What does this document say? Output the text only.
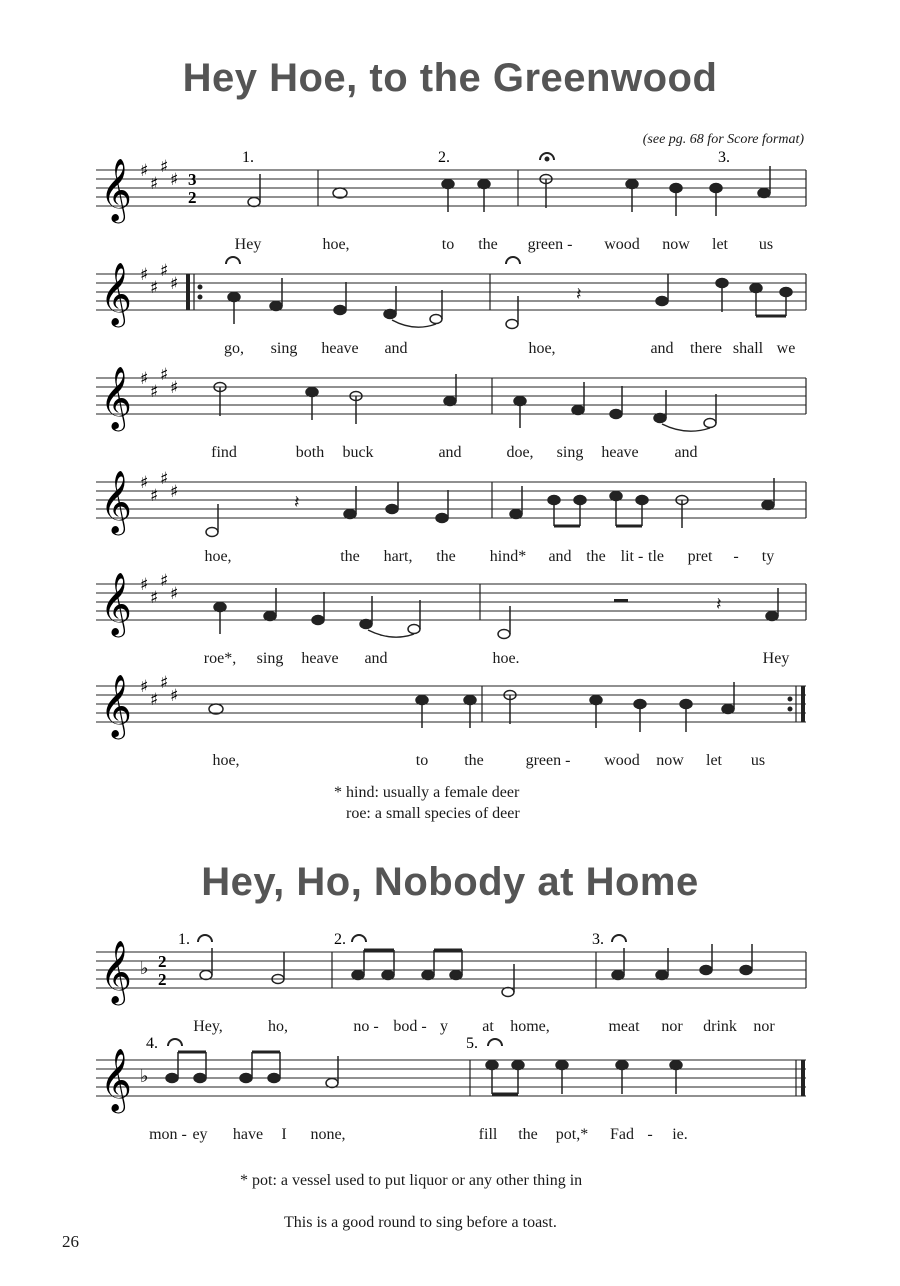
Hey Hoe, to the Greenwood
(see pg. 68 for Score format)
𝄞 ♯
♯
♯
♯ 3
2
1.	2.	3.
Hey	hoe,	to the green - wood now let us
𝄞 ♯
♯
♯
♯	𝄽
go, sing heave and	hoe,	and there shall we
𝄞 ♯
♯
♯
♯
find	both buck	and	doe, sing heave and
𝄞 ♯
♯
♯
♯	𝄽
hoe,	the hart, the hind* and the lit - tle pret - ty
𝄞 ♯
♯
♯
♯	𝄽
roe*, sing heave and	hoe.	Hey
𝄞 ♯
♯
♯
♯
hoe,	to the	green - wood now let us
* hind: usually a female deer
roe: a small species of deer
Hey, Ho, Nobody at Home
𝄞 ♭ 2
2
1.	2.	3.
Hey,	ho,	no - bod - y at home,	meat nor drink nor
𝄞 ♭
4.	5.
mon - ey have I none,	fill the pot,* Fad - ie.
* pot: a vessel used to put liquor or any other thing in
This is a good round to sing before a toast.
26
